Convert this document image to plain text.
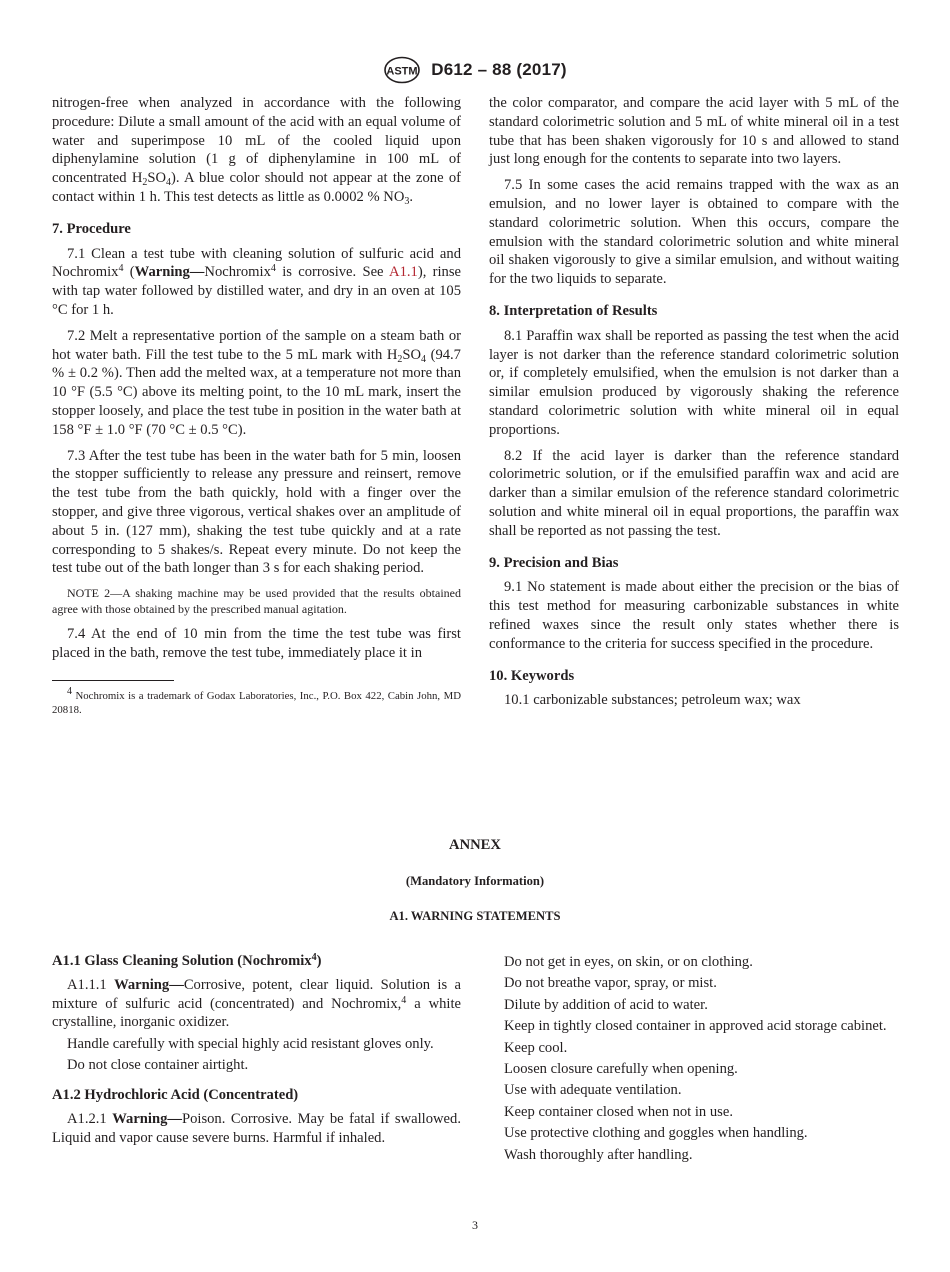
ASTM D612 – 88 (2017)

nitrogen-free when analyzed in accordance with the following procedure: Dilute a small amount of the acid with an equal volume of water and superimpose 10 mL of the cooled liquid upon diphenylamine solution (1 g of diphenylamine in 100 mL of concentrated $H_2SO_4$). A blue color should not appear at the zone of contact within 1 h. This test detects as little as 0.0002 % $NO_3$.

7. Procedure

7.1 Clean a test tube with cleaning solution of sulfuric acid and Nochromix$^4$ (Warning—Nochromix$^4$ is corrosive. See A1.1), rinse with tap water followed by distilled water, and dry in an oven at 105 °C for 1 h.

7.2 Melt a representative portion of the sample on a steam bath or hot water bath. Fill the test tube to the 5 mL mark with $H_2SO_4$ (94.7 % ± 0.2 %). Then add the melted wax, at a temperature not more than 10 °F (5.5 °C) above its melting point, to the 10 mL mark, insert the stopper loosely, and place the test tube in position in the water bath at 158 °F ± 1.0 °F (70 °C ± 0.5 °C).

7.3 After the test tube has been in the water bath for 5 min, loosen the stopper sufficiently to release any pressure and reinsert, remove the test tube from the bath quickly, hold with a finger over the stopper, and give three vigorous, vertical shakes over an amplitude of about 5 in. (127 mm), shaking the test tube quickly and at a rate corresponding to 5 shakes/s. Repeat every minute. Do not keep the test tube out of the bath longer than 3 s for each shaking period.

NOTE 2—A shaking machine may be used provided that the results obtained agree with those obtained by the prescribed manual agitation.

7.4 At the end of 10 min from the time the test tube was first placed in the bath, remove the test tube, immediately place it in

$^4$ Nochromix is a trademark of Godax Laboratories, Inc., P.O. Box 422, Cabin John, MD 20818.

the color comparator, and compare the acid layer with 5 mL of the standard colorimetric solution and 5 mL of white mineral oil in a test tube that has been shaken vigorously for 10 s and allowed to stand just long enough for the contents to separate into two layers.

7.5 In some cases the acid remains trapped with the wax as an emulsion, and no lower layer is obtained to compare with the standard colorimetric solution. When this occurs, compare the emulsion with the standard colorimetric solution and white mineral oil shaken vigorously to give a similar emulsion, and without waiting for the two liquids to separate.

8. Interpretation of Results

8.1 Paraffin wax shall be reported as passing the test when the acid layer is not darker than the reference standard colorimetric solution or, if completely emulsified, when the emulsion is not darker than a similar emulsion produced by vigorously shaking the reference standard colorimetric solution with white mineral oil in equal proportions.

8.2 If the acid layer is darker than the reference standard colorimetric solution, or if the emulsified paraffin wax and acid are darker than a similar emulsion of the reference standard colorimetric solution and white mineral oil in equal proportions, the paraffin wax shall be reported as not passing the test.

9. Precision and Bias

9.1 No statement is made about either the precision or the bias of this test method for measuring carbonizable substances in white refined waxes since the result only states whether there is conformance to the criteria for success specified in the procedure.

10. Keywords

10.1 carbonizable substances; petroleum wax; wax

ANNEX
(Mandatory Information)
A1. WARNING STATEMENTS

A1.1 Glass Cleaning Solution (Nochromix$^4$)

A1.1.1 Warning—Corrosive, potent, clear liquid. Solution is a mixture of sulfuric acid (concentrated) and Nochromix,$^4$ a white crystalline, inorganic oxidizer.

Handle carefully with special highly acid resistant gloves only.

Do not close container airtight.

A1.2 Hydrochloric Acid (Concentrated)

A1.2.1 Warning—Poison. Corrosive. May be fatal if swallowed. Liquid and vapor cause severe burns. Harmful if inhaled.

Do not get in eyes, on skin, or on clothing.

Do not breathe vapor, spray, or mist.

Dilute by addition of acid to water.

Keep in tightly closed container in approved acid storage cabinet.

Keep cool.

Loosen closure carefully when opening.

Use with adequate ventilation.

Keep container closed when not in use.

Use protective clothing and goggles when handling.

Wash thoroughly after handling.

3
